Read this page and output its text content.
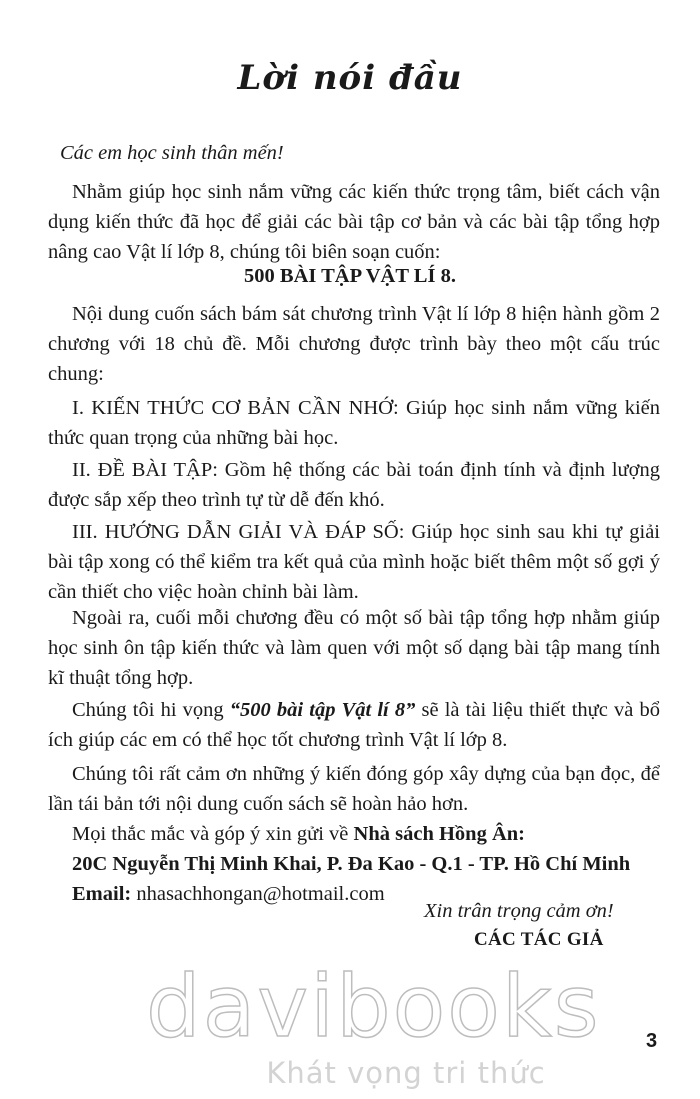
Lời nói đầu
Các em học sinh thân mến!
Nhằm giúp học sinh nắm vững các kiến thức trọng tâm, biết cách vận dụng kiến thức đã học để giải các bài tập cơ bản và các bài tập tổng hợp nâng cao Vật lí lớp 8, chúng tôi biên soạn cuốn:
500 BÀI TẬP VẬT LÍ 8.
Nội dung cuốn sách bám sát chương trình Vật lí lớp 8 hiện hành gồm 2 chương với 18 chủ đề. Mỗi chương được trình bày theo một cấu trúc chung:
I. KIẾN THỨC CƠ BẢN CẦN NHỚ: Giúp học sinh nắm vững kiến thức quan trọng của những bài học.
II. ĐỀ BÀI TẬP: Gồm hệ thống các bài toán định tính và định lượng được sắp xếp theo trình tự từ dễ đến khó.
III. HƯỚNG DẪN GIẢI VÀ ĐÁP SỐ: Giúp học sinh sau khi tự giải bài tập xong có thể kiểm tra kết quả của mình hoặc biết thêm một số gợi ý cần thiết cho việc hoàn chỉnh bài làm.
Ngoài ra, cuối mỗi chương đều có một số bài tập tổng hợp nhằm giúp học sinh ôn tập kiến thức và làm quen với một số dạng bài tập mang tính kĩ thuật tổng hợp.
Chúng tôi hi vọng “500 bài tập Vật lí 8” sẽ là tài liệu thiết thực và bổ ích giúp các em có thể học tốt chương trình Vật lí lớp 8.
Chúng tôi rất cảm ơn những ý kiến đóng góp xây dựng của bạn đọc, để lần tái bản tới nội dung cuốn sách sẽ hoàn hảo hơn.
Mọi thắc mắc và góp ý xin gửi về Nhà sách Hồng Ân:
20C Nguyễn Thị Minh Khai, P. Đa Kao - Q.1 - TP. Hồ Chí Minh
Email: nhasachhongan@hotmail.com
Xin trân trọng cảm ơn!
CÁC TÁC GIẢ
davibooks
Khát vọng tri thức
3
